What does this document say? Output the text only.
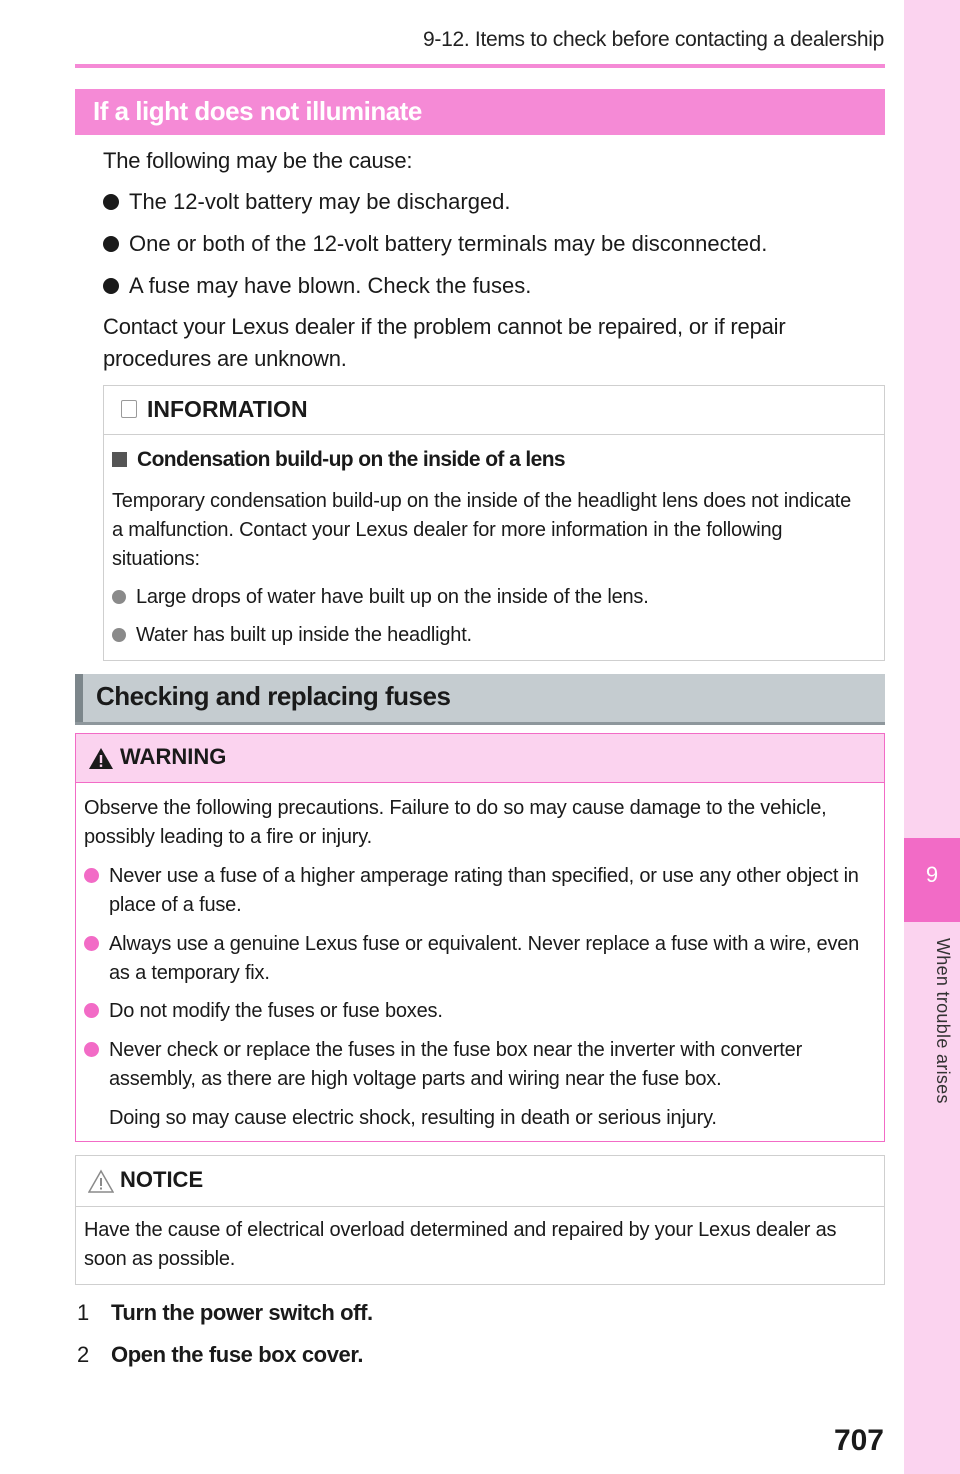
9-12. Items to check before contacting a dealership
9
When trouble arises
If a light does not illuminate
The following may be the cause:
The 12-volt battery may be discharged.
One or both of the 12-volt battery terminals may be disconnected.
A fuse may have blown. Check the fuses.
Contact your Lexus dealer if the problem cannot be repaired, or if repair
procedures are unknown.
INFORMATION
Condensation build-up on the inside of a lens
Temporary condensation build-up on the inside of the headlight lens does not indicate
a malfunction. Contact your Lexus dealer for more information in the following
situations:
Large drops of water have built up on the inside of the lens.
Water has built up inside the headlight.
Checking and replacing fuses
WARNING
Observe the following precautions. Failure to do so may cause damage to the vehicle,
possibly leading to a fire or injury.
Never use a fuse of a higher amperage rating than specified, or use any other object in
place of a fuse.
Always use a genuine Lexus fuse or equivalent. Never replace a fuse with a wire, even
as a temporary fix.
Do not modify the fuses or fuse boxes.
Never check or replace the fuses in the fuse box near the inverter with converter
assembly, as there are high voltage parts and wiring near the fuse box.
Doing so may cause electric shock, resulting in death or serious injury.
NOTICE
Have the cause of electrical overload determined and repaired by your Lexus dealer as
soon as possible.
1 Turn the power switch off.
2 Open the fuse box cover.
707
